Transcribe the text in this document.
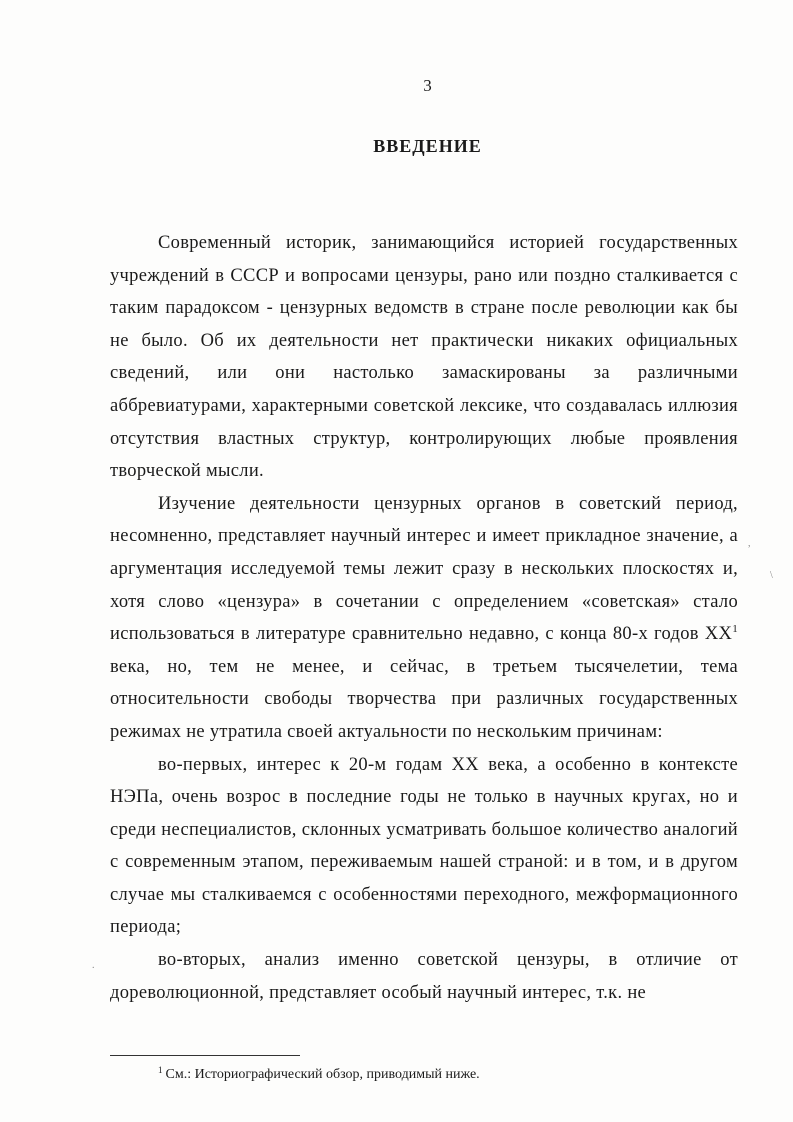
3
ВВЕДЕНИЕ

Современный историк, занимающийся историей государственных учреждений в СССР и вопросами цензуры, рано или поздно сталкивается с таким парадоксом - цензурных ведомств в стране после революции как бы не было. Об их деятельности нет практически никаких официальных сведений, или они настолько замаскированы за различными аббревиатурами, характерными советской лексике, что создавалась иллюзия отсутствия властных структур, контролирующих любые проявления творческой мысли.

Изучение деятельности цензурных органов в советский период, несомненно, представляет научный интерес и имеет прикладное значение, а аргументация исследуемой темы лежит сразу в нескольких плоскостях и, хотя слово «цензура» в сочетании с определением «советская» стало использоваться в литературе сравнительно недавно, с конца 80-х годов $XX^1$ века, но, тем не менее, и сейчас, в третьем тысячелетии, тема относительности свободы творчества при различных государственных режимах не утратила своей актуальности по нескольким причинам:

во-первых, интерес к 20-м годам XX века, а особенно в контексте НЭПа, очень возрос в последние годы не только в научных кругах, но и среди неспециалистов, склонных усматривать большое количество аналогий с современным этапом, переживаемым нашей страной: и в том, и в другом случае мы сталкиваемся с особенностями переходного, межформационного периода;

во-вторых, анализ именно советской цензуры, в отличие от дореволюционной, представляет особый научный интерес, т.к. не

$^1$ См.: Историографический обзор, приводимый ниже.
,
\
.
